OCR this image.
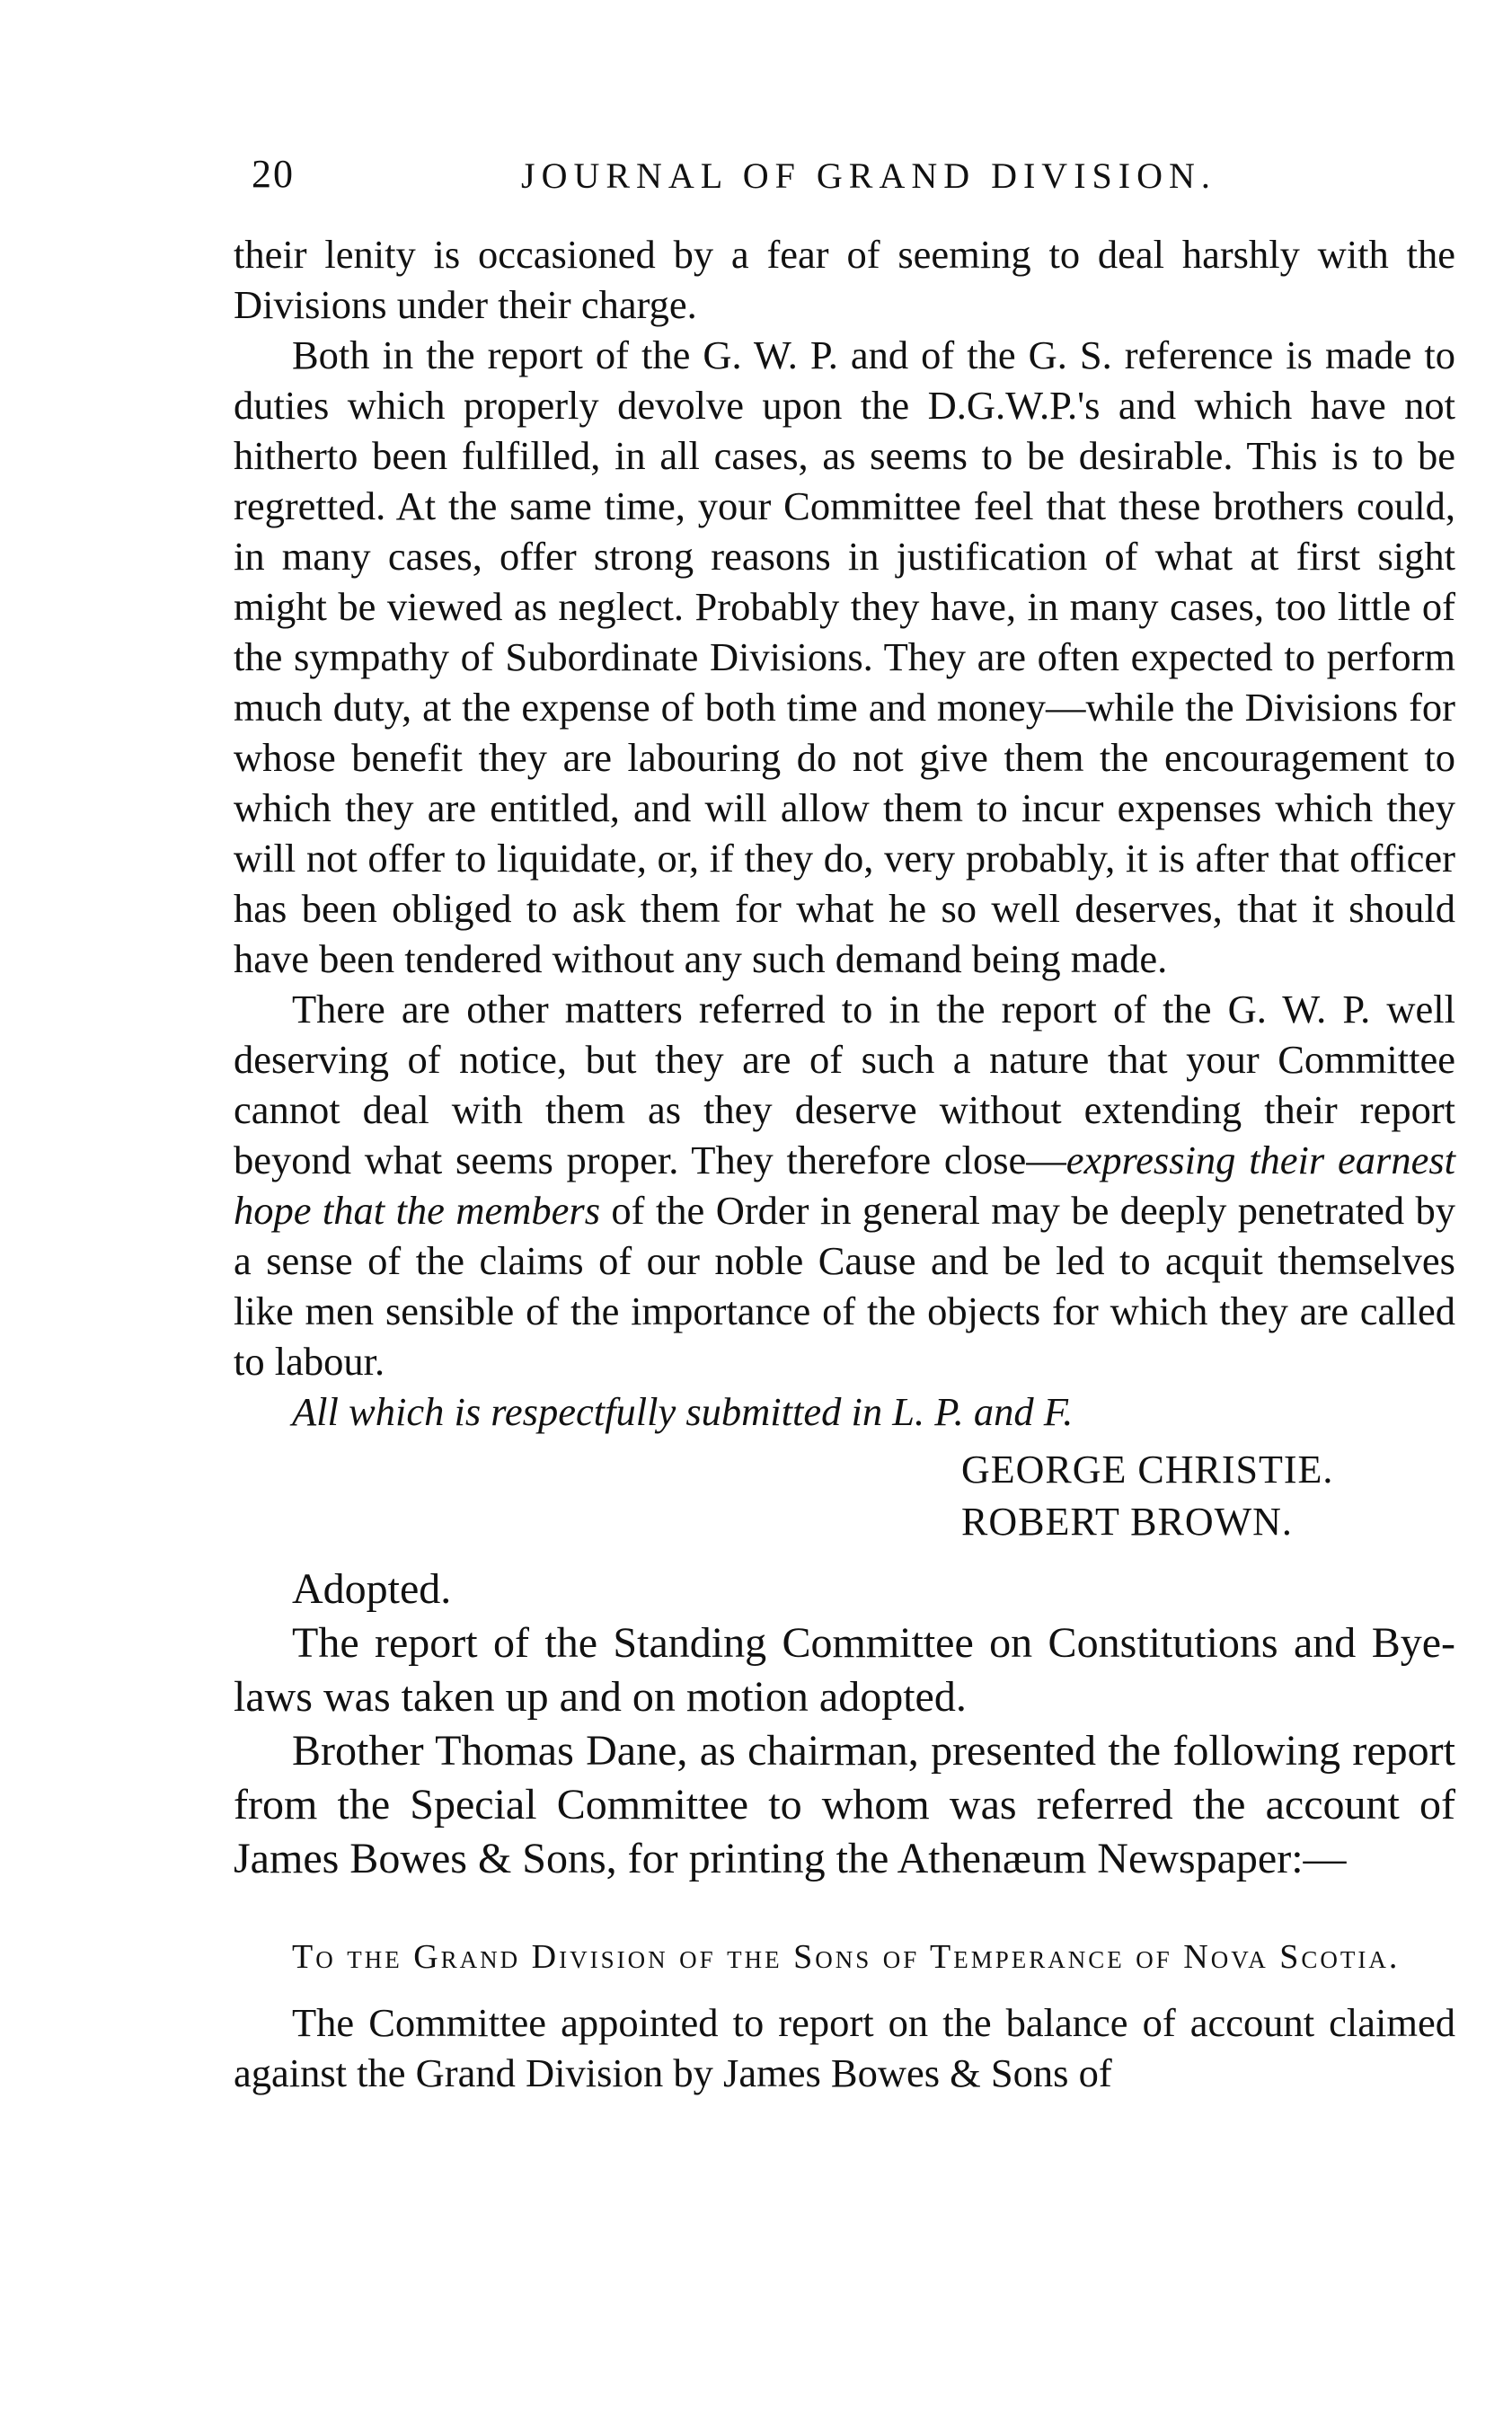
20	JOURNAL OF GRAND DIVISION.

their lenity is occasioned by a fear of seeming to deal harshly with the Divisions under their charge.

Both in the report of the G. W. P. and of the G. S. reference is made to duties which properly devolve upon the D.G.W.P.'s and which have not hitherto been fulfilled, in all cases, as seems to be desirable. This is to be regretted. At the same time, your Committee feel that these brothers could, in many cases, offer strong reasons in justification of what at first sight might be viewed as neglect. Probably they have, in many cases, too little of the sympathy of Subordinate Divisions. They are often expected to perform much duty, at the expense of both time and money—while the Divisions for whose benefit they are labouring do not give them the encouragement to which they are entitled, and will allow them to incur expenses which they will not offer to liquidate, or, if they do, very probably, it is after that officer has been obliged to ask them for what he so well deserves, that it should have been tendered without any such demand being made.

There are other matters referred to in the report of the G. W. P. well deserving of notice, but they are of such a nature that your Committee cannot deal with them as they deserve without extending their report beyond what seems proper. They therefore close—expressing their earnest hope that the members of the Order in general may be deeply penetrated by a sense of the claims of our noble Cause and be led to acquit themselves like men sensible of the importance of the objects for which they are called to labour.

All which is respectfully submitted in L. P. and F.

GEORGE CHRISTIE.
ROBERT BROWN.

Adopted.

The report of the Standing Committee on Constitutions and Bye-laws was taken up and on motion adopted.

Brother Thomas Dane, as chairman, presented the following report from the Special Committee to whom was referred the account of James Bowes & Sons, for printing the Athenæum Newspaper:—

To the Grand Division of the Sons of Temperance of Nova Scotia.

The Committee appointed to report on the balance of account claimed against the Grand Division by James Bowes & Sons of
